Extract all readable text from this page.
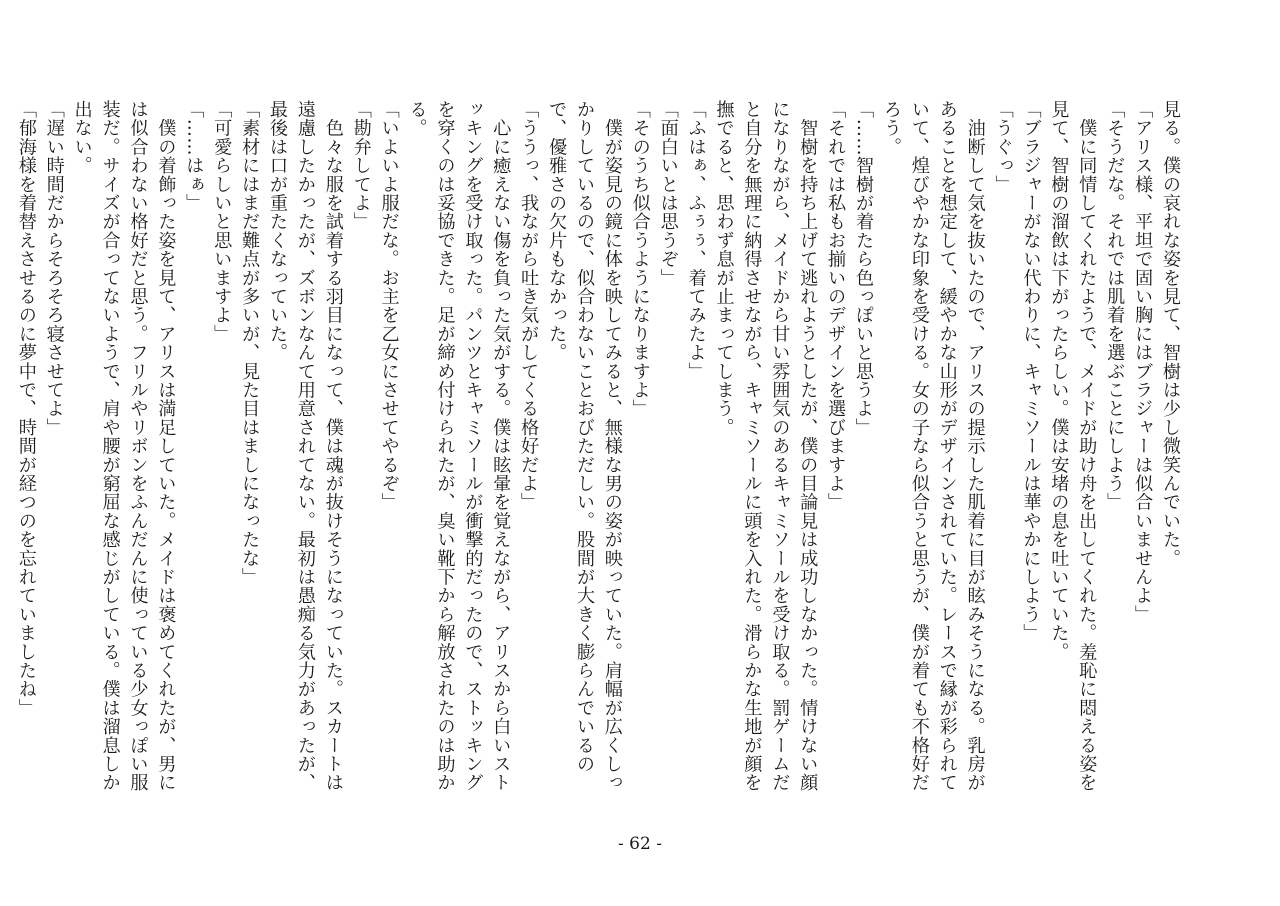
見る。僕の哀れな姿を見て、智樹は少し微笑んでいた。

「アリス様、平坦で固い胸にはブラジャーは似合いませんよ」

「そうだな。それでは肌着を選ぶことにしよう」

　僕に同情してくれたようで、メイドが助け舟を出してくれた。羞恥に悶える姿を見て、智樹の溜飲は下がったらしい。僕は安堵の息を吐いていた。

「ブラジャーがない代わりに、キャミソールは華やかにしよう」

「うぐっ」

　油断して気を抜いたので、アリスの提示した肌着に目が眩みそうになる。乳房があることを想定して、緩やかな山形がデザインされていた。レースで縁が彩られていて、煌びやかな印象を受ける。女の子なら似合うと思うが、僕が着ても不格好だろう。

「……智樹が着たら色っぽいと思うよ」

「それでは私もお揃いのデザインを選びますよ」

　智樹を持ち上げて逃れようとしたが、僕の目論見は成功しなかった。情けない顔になりながら、メイドから甘い雰囲気のあるキャミソールを受け取る。罰ゲームだと自分を無理に納得させながら、キャミソールに頭を入れた。滑らかな生地が顔を撫でると、思わず息が止まってしまう。

「ふはぁ、ふぅぅ、着てみたよ」

「面白いとは思うぞ」

「そのうち似合うようになりますよ」

　僕が姿見の鏡に体を映してみると、無様な男の姿が映っていた。肩幅が広くしっかりしているので、似合わないことおびただしい。股間が大きく膨らんでいるので、優雅さの欠片もなかった。

「ううっ、我ながら吐き気がしてくる格好だよ」

　心に癒えない傷を負った気がする。僕は眩暈を覚えながら、アリスから白いストッキングを受け取った。パンツとキャミソールが衝撃的だったので、ストッキングを穿くのは妥協できた。足が締め付けられたが、臭い靴下から解放されたのは助かる。

「いよいよ服だな。お主を乙女にさせてやるぞ」

「勘弁してよ」

　色々な服を試着する羽目になって、僕は魂が抜けそうになっていた。スカートは遠慮したかったが、ズボンなんて用意されてない。最初は愚痴る気力があったが、最後は口が重たくなっていた。

「素材にはまだ難点が多いが、見た目はましになったな」

「可愛らしいと思いますよ」

「……はぁ」

　僕の着飾った姿を見て、アリスは満足していた。メイドは褒めてくれたが、男には似合わない格好だと思う。フリルやリボンをふんだんに使っている少女っぽい服装だ。サイズが合ってないようで、肩や腰が窮屈な感じがしている。僕は溜息しか出ない。

「遅い時間だからそろそろ寝させてよ」

「郁海様を着替えさせるのに夢中で、時間が経つのを忘れていましたね」

- 62 -
